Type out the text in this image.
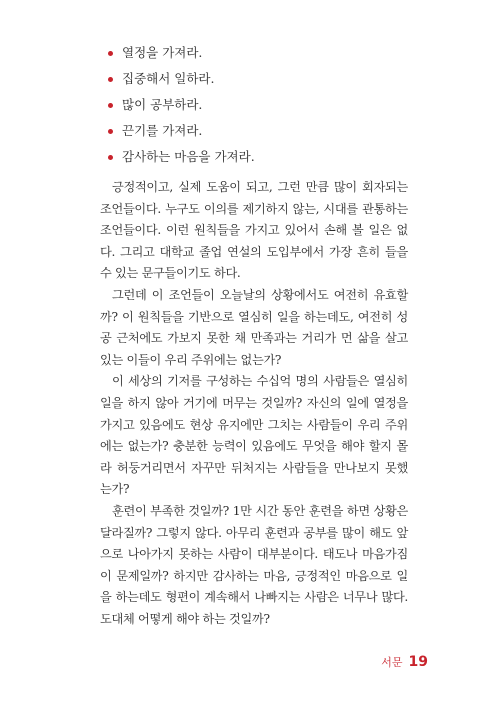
열정을 가져라.
집중해서 일하라.
많이 공부하라.
끈기를 가져라.
감사하는 마음을 가져라.

긍정적이고, 실제 도움이 되고, 그런 만큼 많이 회자되는 조언들이다. 누구도 이의를 제기하지 않는, 시대를 관통하는 조언들이다. 이런 원칙들을 가지고 있어서 손해 볼 일은 없다. 그리고 대학교 졸업 연설의 도입부에서 가장 흔히 들을 수 있는 문구들이기도 하다.

그런데 이 조언들이 오늘날의 상황에서도 여전히 유효할까? 이 원칙들을 기반으로 열심히 일을 하는데도, 여전히 성공 근처에도 가보지 못한 채 만족과는 거리가 먼 삶을 살고 있는 이들이 우리 주위에는 없는가?

이 세상의 기저를 구성하는 수십억 명의 사람들은 열심히 일을 하지 않아 거기에 머무는 것일까? 자신의 일에 열정을 가지고 있음에도 현상 유지에만 그치는 사람들이 우리 주위에는 없는가? 충분한 능력이 있음에도 무엇을 해야 할지 몰라 허둥거리면서 자꾸만 뒤처지는 사람들을 만나보지 못했는가?

훈련이 부족한 것일까? 1만 시간 동안 훈련을 하면 상황은 달라질까? 그렇지 않다. 아무리 훈련과 공부를 많이 해도 앞으로 나아가지 못하는 사람이 대부분이다. 태도나 마음가짐이 문제일까? 하지만 감사하는 마음, 긍정적인 마음으로 일을 하는데도 형편이 계속해서 나빠지는 사람은 너무나 많다. 도대체 어떻게 해야 하는 것일까?

서문 19
